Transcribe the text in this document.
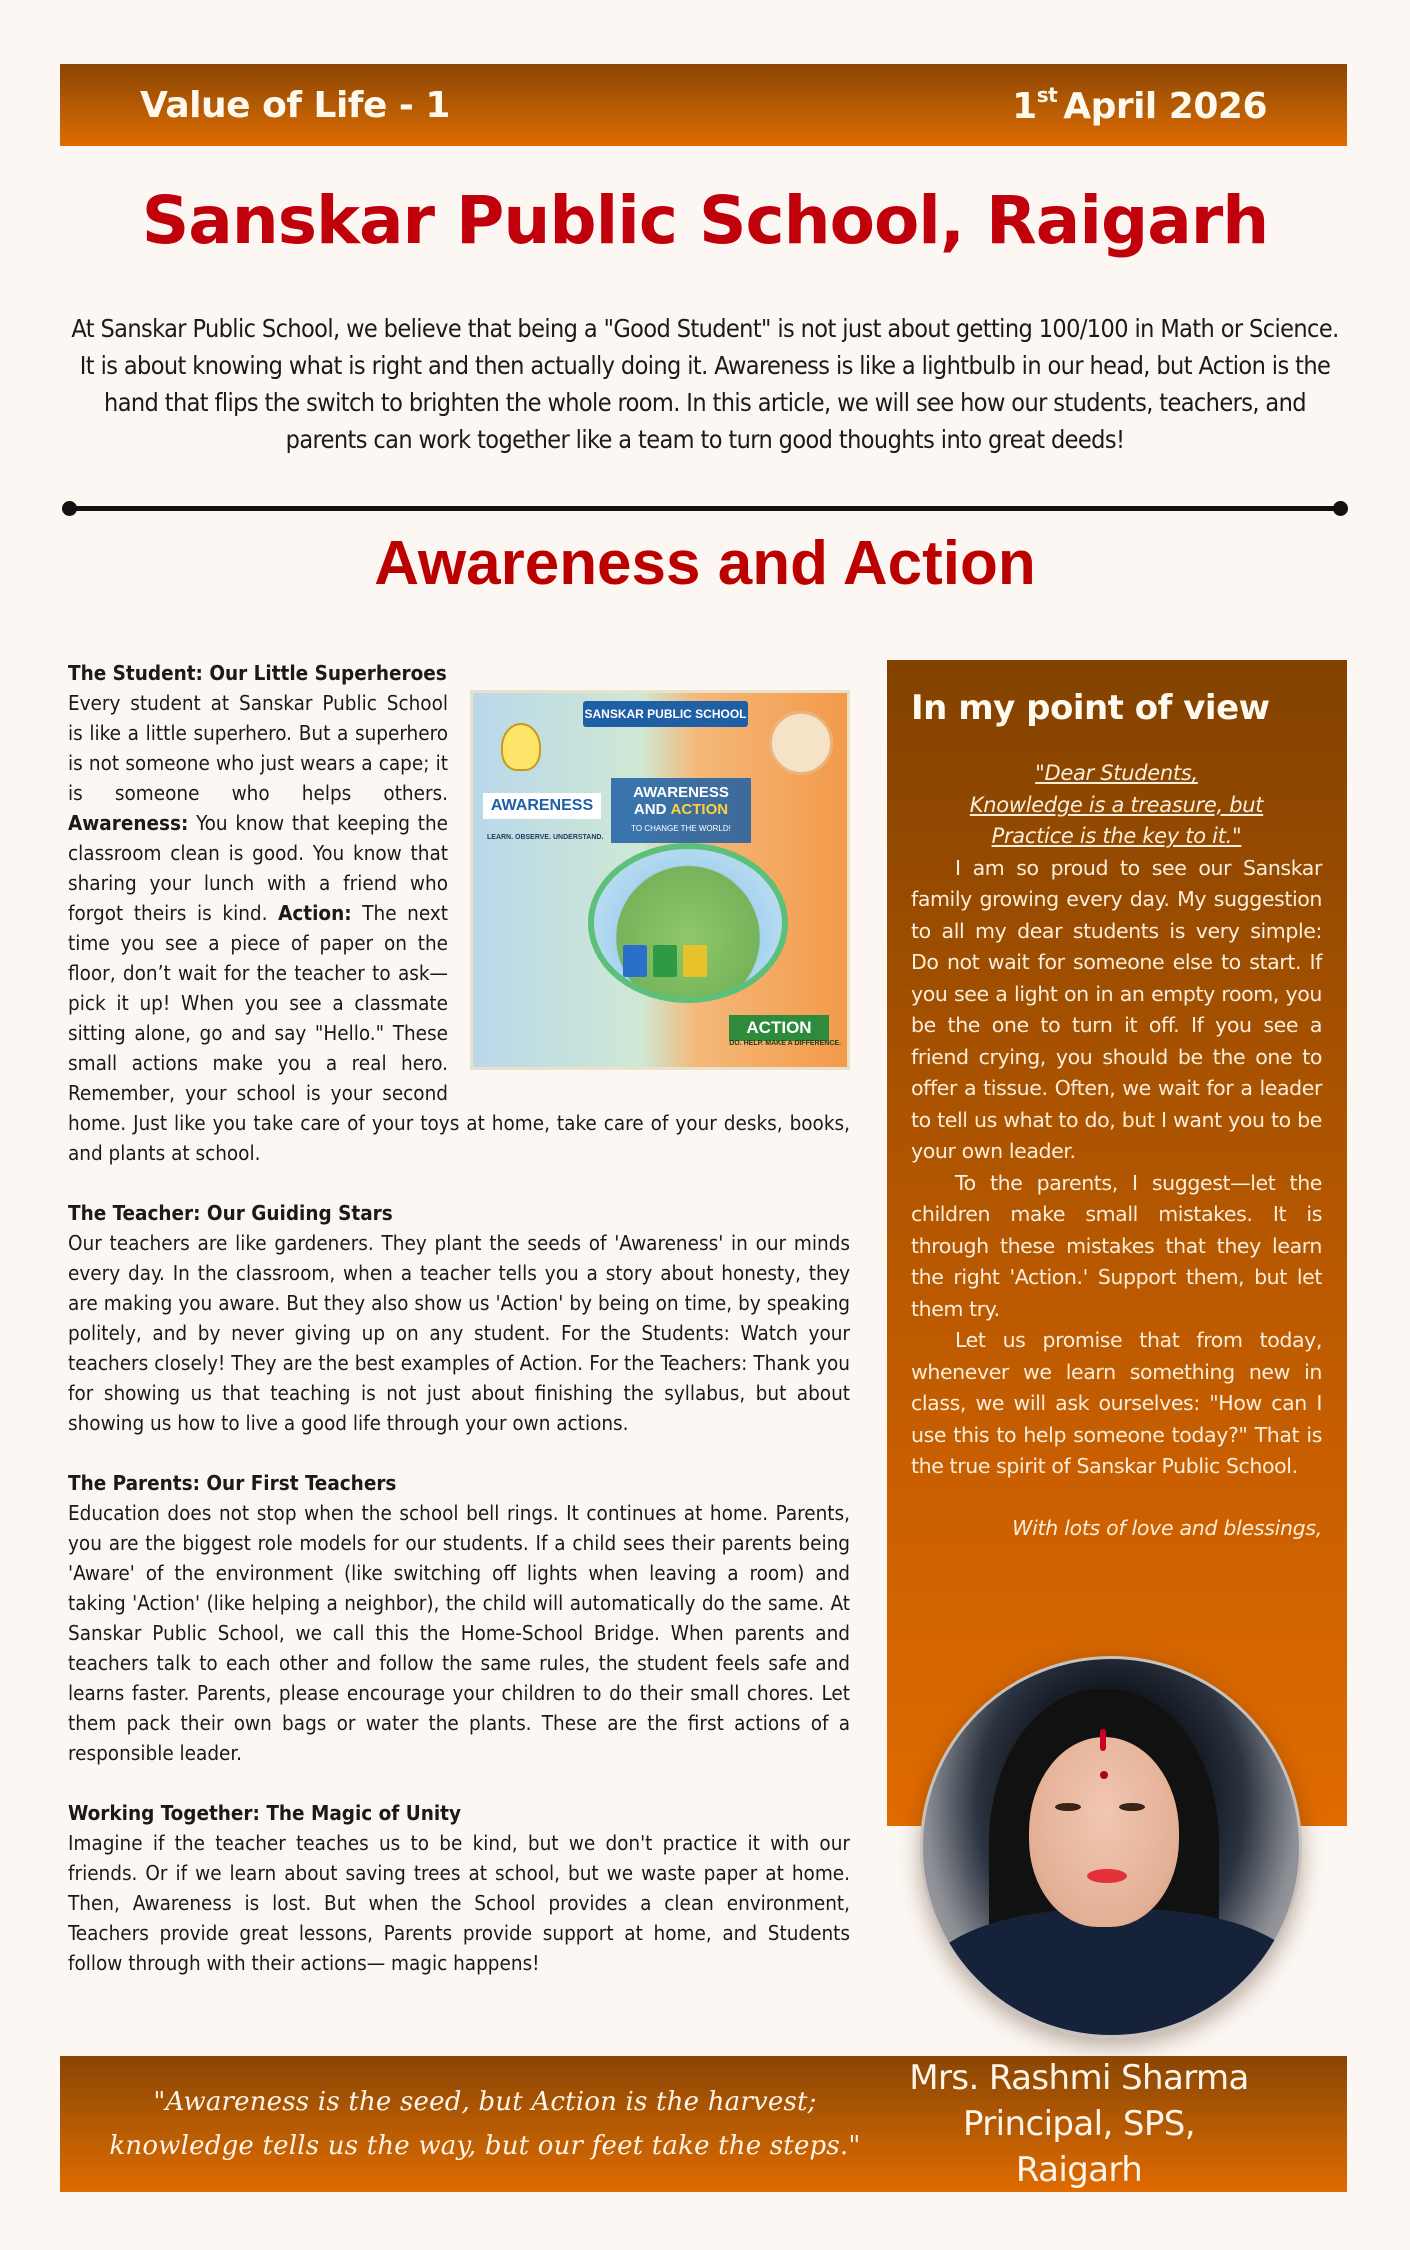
Value of Life - 1	1st April 2026
Sanskar Public School, Raigarh

At Sanskar Public School, we believe that being a "Good Student" is not just about getting 100/100 in Math or Science. It is about knowing what is right and then actually doing it. Awareness is like a lightbulb in our head, but Action is the hand that flips the switch to brighten the whole room. In this article, we will see how our students, teachers, and parents can work together like a team to turn good thoughts into great deeds!

Awareness and Action
The Student: Our Little Superheroes
SANSKAR PUBLIC SCHOOL
AWARENESS
LEARN. OBSERVE. UNDERSTAND.
AWARENESS
AND ACTION
TO CHANGE THE WORLD!
ACTION
DO. HELP. MAKE A DIFFERENCE.

Every student at Sanskar Public School is like a little superhero. But a superhero is not someone who just wears a cape; it is someone who helps others. Awareness: You know that keeping the classroom clean is good. You know that sharing your lunch with a friend who forgot theirs is kind. Action: The next time you see a piece of paper on the floor, don’t wait for the teacher to ask—pick it up! When you see a classmate sitting alone, go and say "Hello." These small actions make you a real hero. Remember, your school is your second home. Just like you take care of your toys at home, take care of your desks, books, and plants at school.

The Teacher: Our Guiding Stars

Our teachers are like gardeners. They plant the seeds of 'Awareness' in our minds every day. In the classroom, when a teacher tells you a story about honesty, they are making you aware. But they also show us 'Action' by being on time, by speaking politely, and by never giving up on any student. For the Students: Watch your teachers closely! They are the best examples of Action. For the Teachers: Thank you for showing us that teaching is not just about finishing the syllabus, but about showing us how to live a good life through your own actions.

The Parents: Our First Teachers

Education does not stop when the school bell rings. It continues at home. Parents, you are the biggest role models for our students. If a child sees their parents being 'Aware' of the environment (like switching off lights when leaving a room) and taking 'Action' (like helping a neighbor), the child will automatically do the same. At Sanskar Public School, we call this the Home-School Bridge. When parents and teachers talk to each other and follow the same rules, the student feels safe and learns faster. Parents, please encourage your children to do their small chores. Let them pack their own bags or water the plants. These are the first actions of a responsible leader.

Working Together: The Magic of Unity

Imagine if the teacher teaches us to be kind, but we don't practice it with our friends. Or if we learn about saving trees at school, but we waste paper at home. Then, Awareness is lost. But when the School provides a clean environment, Teachers provide great lessons, Parents provide support at home, and Students follow through with their actions— magic happens!

In my point of view
"Dear Students,
Knowledge is a treasure, but
Practice is the key to it."

I am so proud to see our Sanskar family growing every day. My suggestion to all my dear students is very simple: Do not wait for someone else to start. If you see a light on in an empty room, you be the one to turn it off. If you see a friend crying, you should be the one to offer a tissue. Often, we wait for a leader to tell us what to do, but I want you to be your own leader.

To the parents, I suggest—let the children make small mistakes. It is through these mistakes that they learn the right 'Action.' Support them, but let them try.

Let us promise that from today, whenever we learn something new in class, we will ask ourselves: "How can I use this to help someone today?" That is the true spirit of Sanskar Public School.

With lots of love and blessings,
"Awareness is the seed, but Action is the harvest;
knowledge tells us the way, but our feet take the steps."
Mrs. Rashmi Sharma
Principal, SPS, Raigarh
